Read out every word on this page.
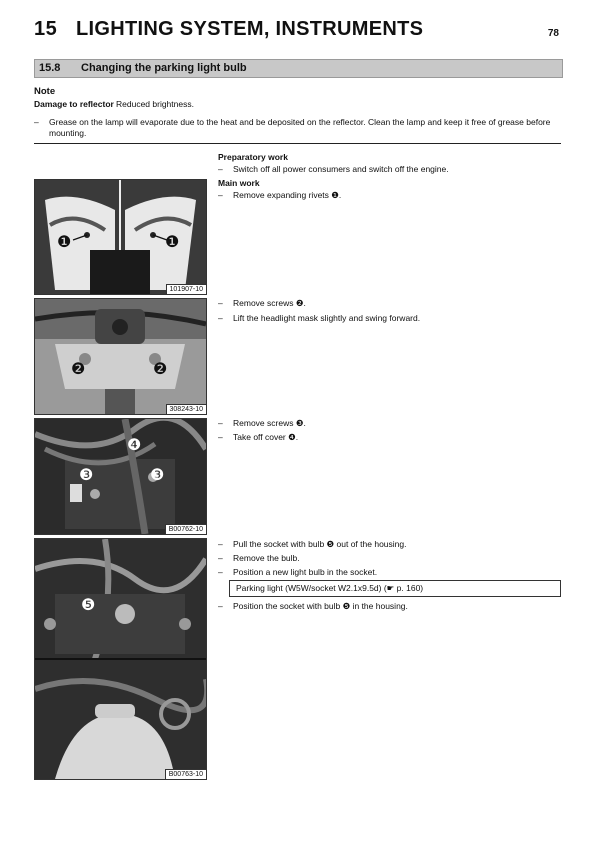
15 LIGHTING SYSTEM, INSTRUMENTS	78
15.8 Changing the parking light bulb
Note
Damage to reflector Reduced brightness.
– Grease on the lamp will evaporate due to the heat and be deposited on the reflector. Clean the lamp and keep it free of grease before mounting.
❶	❶
101907-10
❷	❷
308243-10
❹
❸	❸
B00762-10
❺
B00763-10
Preparatory work
– Switch off all power consumers and switch off the engine.
Main work
– Remove expanding rivets ❶.
– Remove screws ❷.
– Lift the headlight mask slightly and swing forward.
– Remove screws ❸.
– Take off cover ❹.
– Pull the socket with bulb ❺ out of the housing.
– Remove the bulb.
– Position a new light bulb in the socket.
Parking light (W5W/socket W2.1x9.5d) (☛ p. 160)
– Position the socket with bulb ❺ in the housing.
